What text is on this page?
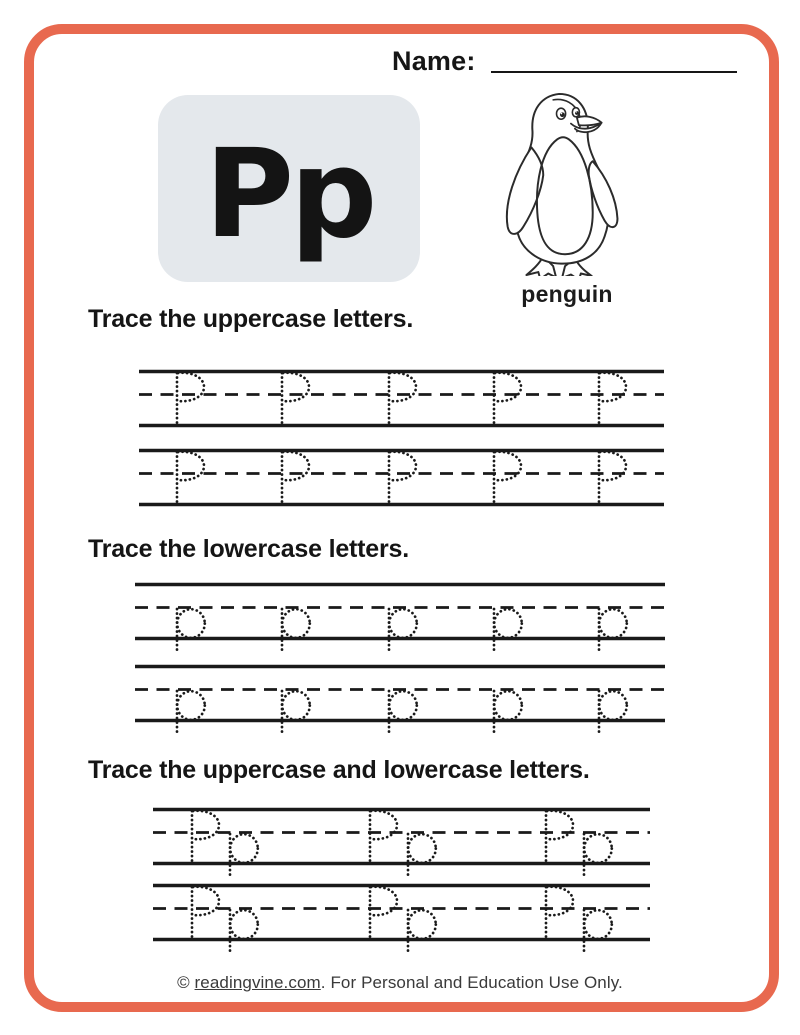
Name:
Pp
penguin
Trace the uppercase letters.
Trace the lowercase letters.
Trace the uppercase and lowercase letters.
© readingvine.com. For Personal and Education Use Only.
